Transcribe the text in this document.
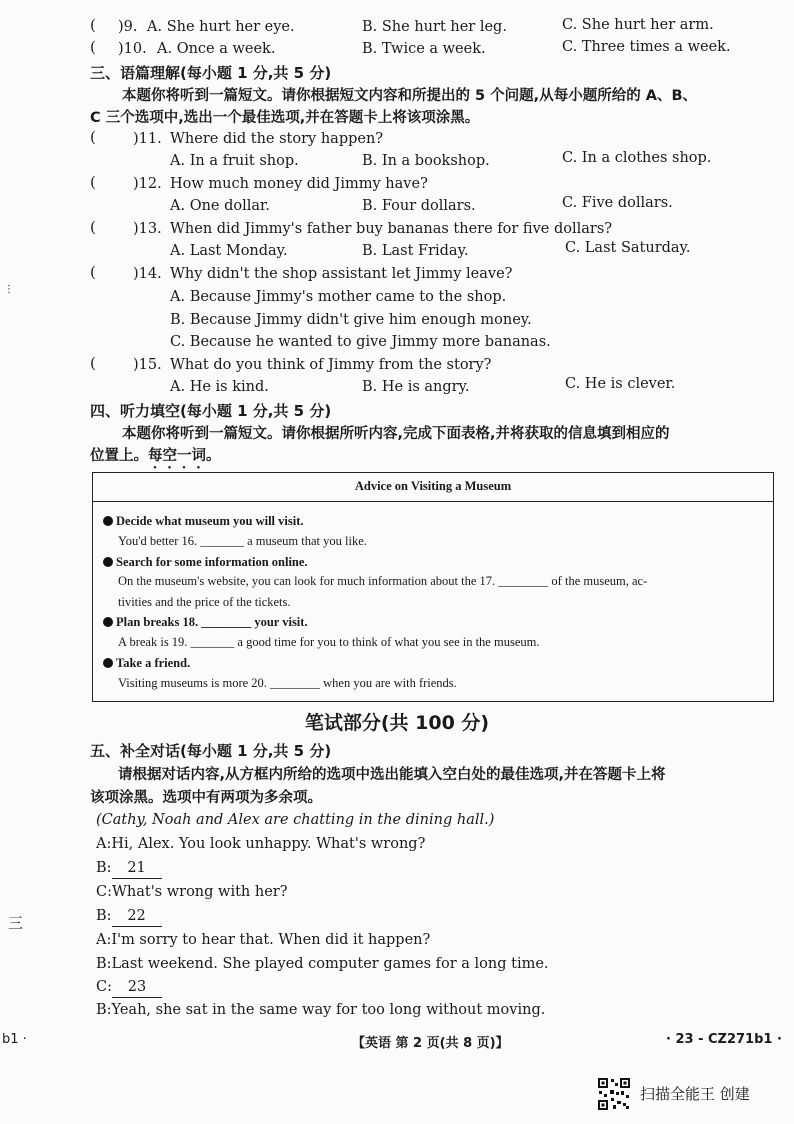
( )9. A. She hurt her eye.	B. She hurt her leg.	C. She hurt her arm.
( )10. A. Once a week.	B. Twice a week.	C. Three times a week.
三、语篇理解(每小题 1 分,共 5 分)
本题你将听到一篇短文。请你根据短文内容和所提出的 5 个问题,从每小题所给的 A、B、
C 三个选项中,选出一个最佳选项,并在答题卡上将该项涂黑。
(	)11. Where did the story happen?
A. In a fruit shop.	B. In a bookshop.	C. In a clothes shop.
(	)12. How much money did Jimmy have?
A. One dollar.	B. Four dollars.	C. Five dollars.
(	)13. When did Jimmy's father buy bananas there for five dollars?
A. Last Monday.	B. Last Friday.	C. Last Saturday.
(	)14. Why didn't the shop assistant let Jimmy leave?
A. Because Jimmy's mother came to the shop.
B. Because Jimmy didn't give him enough money.
C. Because he wanted to give Jimmy more bananas.
(	)15. What do you think of Jimmy from the story?
A. He is kind.	B. He is angry.	C. He is clever.
四、听力填空(每小题 1 分,共 5 分)
本题你将听到一篇短文。请你根据所听内容,完成下面表格,并将获取的信息填到相应的
位置上。每空一词。
Advice on Visiting a Museum
Decide what museum you will visit.
You'd better 16. _______ a museum that you like.
Search for some information online.
On the museum's website, you can look for much information about the 17. ________ of the museum, ac-
tivities and the price of the tickets.
Plan breaks 18. ________ your visit.
A break is 19. _______ a good time for you to think of what you see in the museum.
Take a friend.
Visiting museums is more 20. ________ when you are with friends.
笔试部分(共 100 分)
五、补全对话(每小题 1 分,共 5 分)
请根据对话内容,从方框内所给的选项中选出能填入空白处的最佳选项,并在答题卡上将
该项涂黑。选项中有两项为多余项。
(Cathy, Noah and Alex are chatting in the dining hall.)
A:Hi, Alex. You look unhappy. What's wrong?
B: 21
C:What's wrong with her?
B: 22
A:I'm sorry to hear that. When did it happen?
B:Last weekend. She played computer games for a long time.
C: 23
B:Yeah, she sat in the same way for too long without moving.
⋮
三
b1 ·	【英语 第 2 页(共 8 页)】	· 23 - CZ271b1 ·
扫描全能王 创建
